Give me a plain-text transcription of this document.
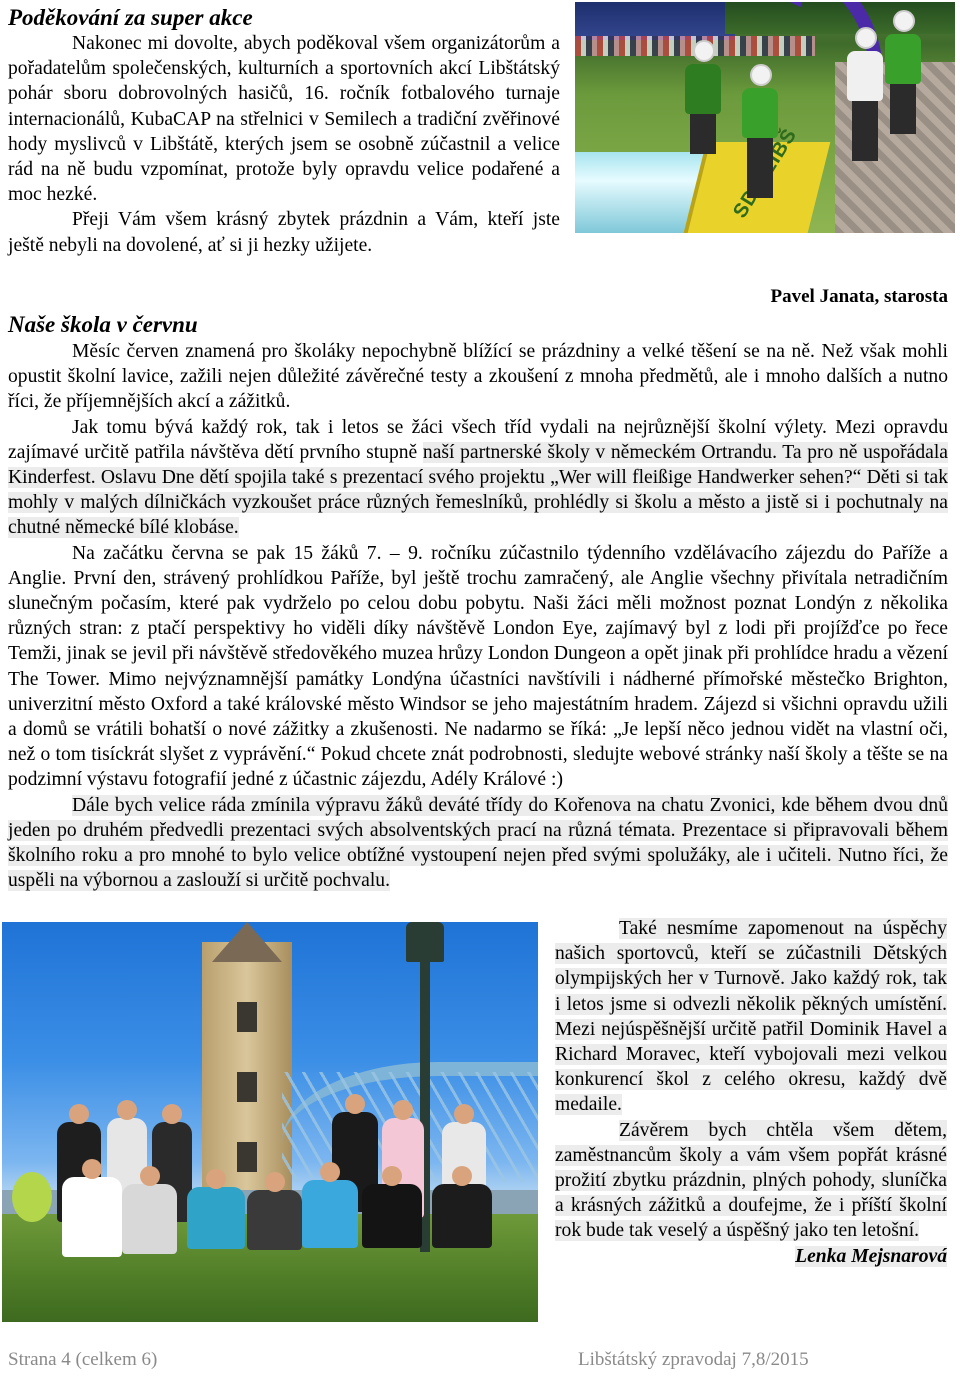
Poděkování za super akce

Nakonec mi dovolte, abych poděkoval všem organizátorům a pořadatelům společenských, kulturních a sportovních akcí Libštátský pohár sboru dobrovolných hasičů, 16. ročník fotbalového turnaje internacionálů, KubaCAP na střelnici v Semilech a tradiční zvěřinové hody myslivců v Libštátě, kterých jsem se osobně zúčastnil a velice rád na ně budu vzpomínat, protože byly opravdu velice podařené a moc hezké.

Přeji Vám všem krásný zbytek prázdnin a Vám, kteří jste ještě nebyli na dovolené, ať si ji hezky užijete.

LIBŠ
Pavel Janata, starosta
Naše škola v červnu

Měsíc červen znamená pro školáky nepochybně blížící se prázdniny a velké těšení se na ně. Než však mohli opustit školní lavice, zažili nejen důležité závěrečné testy a zkoušení z mnoha předmětů, ale i mnoho dalších a nutno říci, že příjemnějších akcí a zážitků.

Jak tomu bývá každý rok, tak i letos se žáci všech tříd vydali na nejrůznější školní výlety. Mezi opravdu zajímavé určitě patřila návštěva dětí prvního stupně naší partnerské školy v německém Ortrandu. Ta pro ně uspořádala Kinderfest. Oslavu Dne dětí spojila také s prezentací svého projektu „Wer will fleißige Handwerker sehen?“ Děti si tak mohly v malých dílničkách vyzkoušet práce různých řemeslníků, prohlédly si školu a město a jistě si i pochutnaly na chutné německé bílé klobáse.

Na začátku června se pak 15 žáků 7. – 9. ročníku zúčastnilo týdenního vzdělávacího zájezdu do Paříže a Anglie. První den, strávený prohlídkou Paříže, byl ještě trochu zamračený, ale Anglie všechny přivítala netradičním slunečným počasím, které pak vydrželo po celou dobu pobytu. Naši žáci měli možnost poznat Londýn z několika různých stran: z ptačí perspektivy ho viděli díky návštěvě London Eye, zajímavý byl z lodi při projížďce po řece Temži, jinak se jevil při návštěvě středověkého muzea hrůzy London Dungeon a opět jinak při prohlídce hradu a vězení The Tower. Mimo nejvýznamnější památky Londýna účastníci navštívili i nádherné přímořské městečko Brighton, univerzitní město Oxford a také královské město Windsor se jeho majestátním hradem. Zájezd si všichni opravdu užili a domů se vrátili bohatší o nové zážitky a zkušenosti. Ne nadarmo se říká: „Je lepší něco jednou vidět na vlastní oči, než o tom tisíckrát slyšet z vyprávění.“ Pokud chcete znát podrobnosti, sledujte webové stránky naší školy a těšte se na podzimní výstavu fotografií jedné z účastnic zájezdu, Adély Králové :)

Dále bych velice ráda zmínila výpravu žáků deváté třídy do Kořenova na chatu Zvonici, kde během dvou dnů jeden po druhém předvedli prezentaci svých absolventských prací na různá témata. Prezentace si připravovali během školního roku a pro mnohé to bylo velice obtížné vystoupení nejen před svými spolužáky, ale i učiteli. Nutno říci, že uspěli na výbornou a zaslouží si určitě pochvalu.

Také nesmíme zapomenout na úspěchy našich sportovců, kteří se zúčastnili Dětských olympijských her v Turnově. Jako každý rok, tak i letos jsme si odvezli několik pěkných umístění. Mezi nejúspěšnější určitě patřil Dominik Havel a Richard Moravec, kteří vybojovali mezi velkou konkurencí škol z celého okresu, každý dvě medaile.

Závěrem bych chtěla všem dětem, zaměstnancům školy a vám všem popřát krásné prožití zbytku prázdnin, plných pohody, sluníčka a krásných zážitků a doufejme, že i příští školní rok bude tak veselý a úspěšný jako ten letošní.

Lenka Mejsnarová
Strana 4 (celkem 6)	Libštátský zpravodaj 7,8/2015
